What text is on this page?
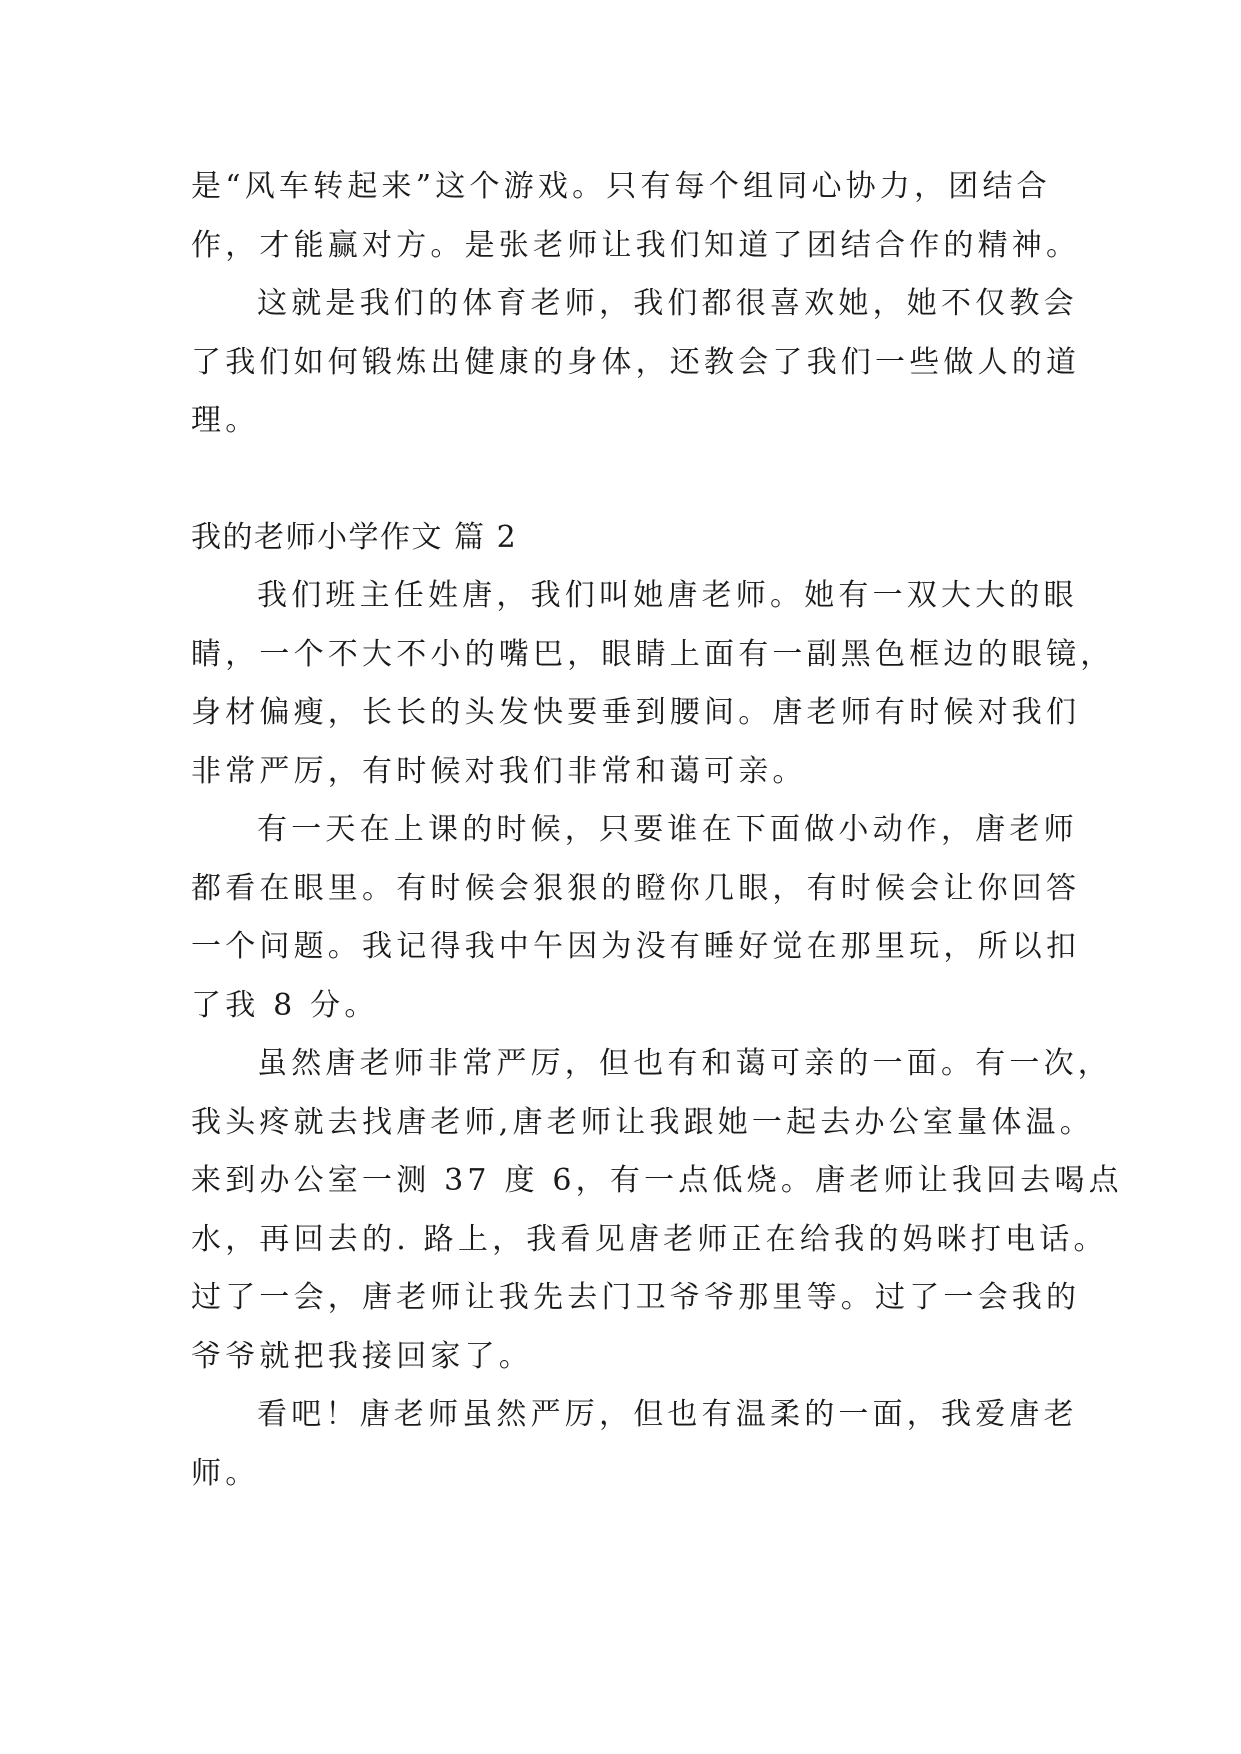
是“风车转起来”这个游戏。只有每个组同心协力，团结合
作，才能赢对方。是张老师让我们知道了团结合作的精神。
这就是我们的体育老师，我们都很喜欢她，她不仅教会
了我们如何锻炼出健康的身体，还教会了我们一些做人的道
理。
我的老师小学作文 篇 2
我们班主任姓唐，我们叫她唐老师。她有一双大大的眼
睛，一个不大不小的嘴巴，眼睛上面有一副黑色框边的眼镜，
身材偏瘦，长长的头发快要垂到腰间。唐老师有时候对我们
非常严厉，有时候对我们非常和蔼可亲。
有一天在上课的时候，只要谁在下面做小动作，唐老师
都看在眼里。有时候会狠狠的瞪你几眼，有时候会让你回答
一个问题。我记得我中午因为没有睡好觉在那里玩，所以扣
了我 8 分。
虽然唐老师非常严厉，但也有和蔼可亲的一面。有一次，
我头疼就去找唐老师,唐老师让我跟她一起去办公室量体温。
来到办公室一测 37 度 6，有一点低烧。唐老师让我回去喝点
水，再回去的. 路上，我看见唐老师正在给我的妈咪打电话。
过了一会，唐老师让我先去门卫爷爷那里等。过了一会我的
爷爷就把我接回家了。
看吧！唐老师虽然严厉，但也有温柔的一面，我爱唐老
师。
